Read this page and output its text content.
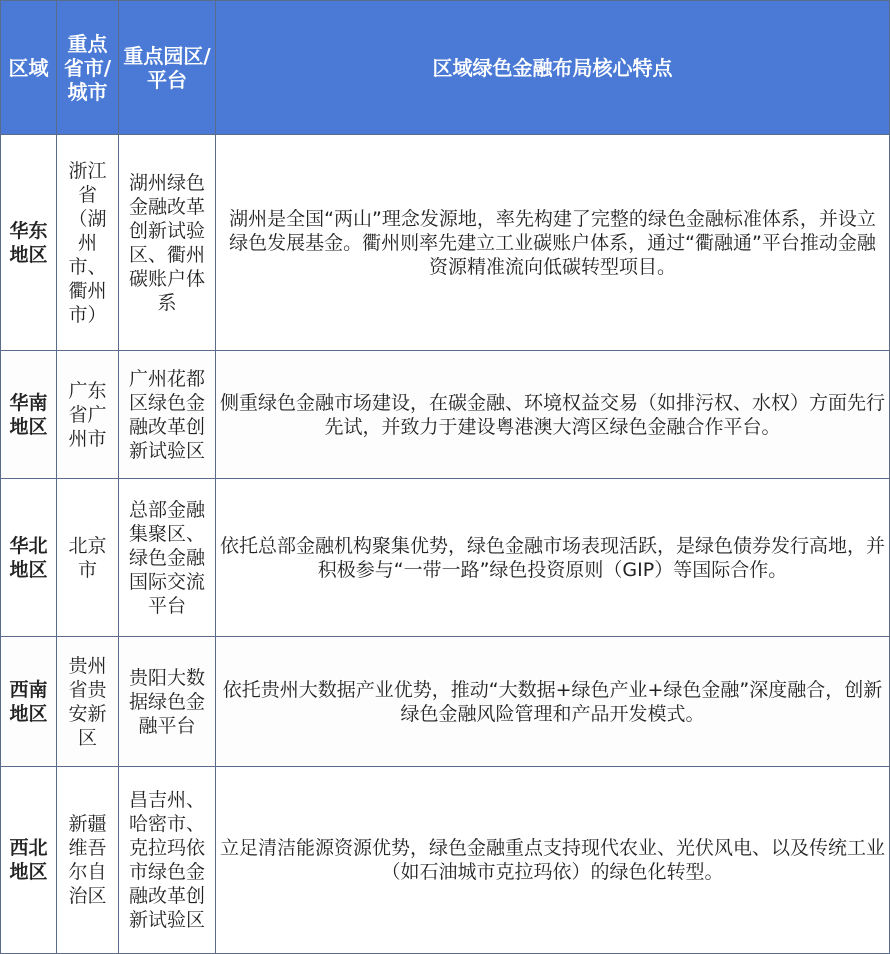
区域	重点省市/城市	重点园区/平台	区域绿色金融布局核心特点
华东地区	浙江省（湖州市、衢州市）	湖州绿色金融改革创新试验区、衢州碳账户体系	湖州是全国“两山”理念发源地，率先构建了完整的绿色金融标准体系，并设立绿色发展基金。衢州则率先建立工业碳账户体系，通过“衢融通”平台推动金融资源精准流向低碳转型项目。
华南地区	广东省广州市	广州花都区绿色金融改革创新试验区	侧重绿色金融市场建设，在碳金融、环境权益交易（如排污权、水权）方面先行先试，并致力于建设粤港澳大湾区绿色金融合作平台。
华北地区	北京市	总部金融集聚区、绿色金融国际交流平台	依托总部金融机构聚集优势，绿色金融市场表现活跃，是绿色债券发行高地，并积极参与“一带一路”绿色投资原则（GIP）等国际合作。
西南地区	贵州省贵安新区	贵阳大数据绿色金融平台	依托贵州大数据产业优势，推动“大数据+绿色产业+绿色金融”深度融合，创新绿色金融风险管理和产品开发模式。
西北地区	新疆维吾尔自治区	昌吉州、哈密市、克拉玛依市绿色金融改革创新试验区	立足清洁能源资源优势，绿色金融重点支持现代农业、光伏风电、以及传统工业（如石油城市克拉玛依）的绿色化转型。
